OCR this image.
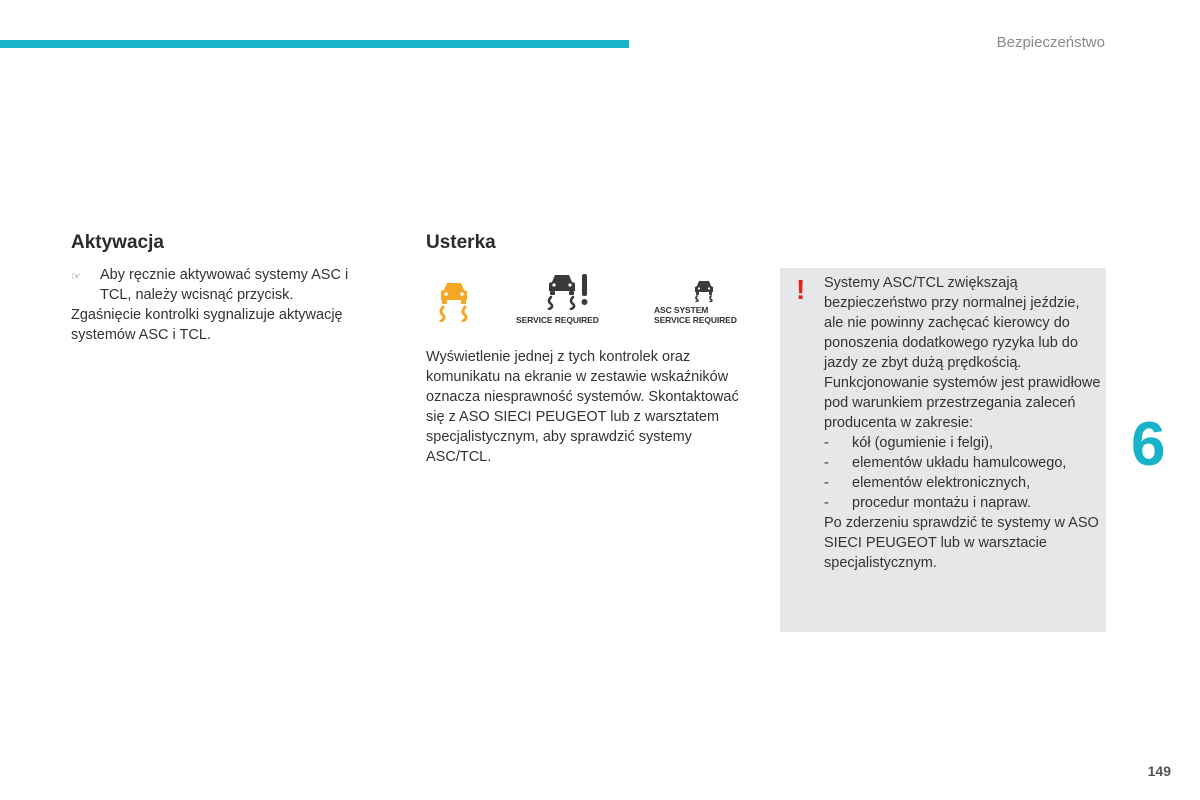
Bezpieczeństwo
Aktywacja
☞	Aby ręcznie aktywować systemy ASC i TCL, należy wcisnąć przycisk.
Zgaśnięcie kontrolki sygnalizuje aktywację systemów ASC i TCL.
Usterka
SERVICE REQUIRED
ASC SYSTEM
SERVICE REQUIRED
Wyświetlenie jednej z tych kontrolek oraz komunikatu na ekranie w zestawie wskaźników oznacza niesprawność systemów. Skontaktować się z ASO SIECI PEUGEOT lub z warsztatem specjalistycznym, aby sprawdzić systemy ASC/TCL.
! Systemy ASC/TCL zwiększają bezpieczeństwo przy normalnej jeździe, ale nie powinny zachęcać kierowcy do ponoszenia dodatkowego ryzyka lub do jazdy ze zbyt dużą prędkością. Funkcjonowanie systemów jest prawidłowe pod warunkiem przestrzegania zaleceń producenta w zakresie:
-	kół (ogumienie i felgi),
-	elementów układu hamulcowego,
-	elementów elektronicznych,
-	procedur montażu i napraw.
Po zderzeniu sprawdzić te systemy w ASO SIECI PEUGEOT lub w warsztacie specjalistycznym.
6
149
